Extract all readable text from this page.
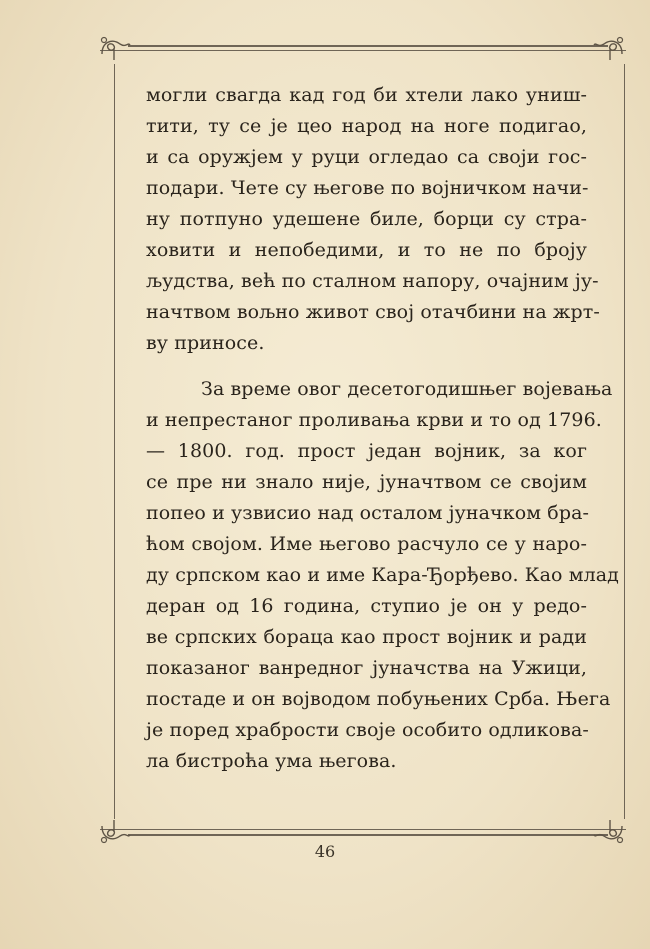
могли свагда кад год би хтели лако униш-
тити, ту се је цео народ на ноге подигао,
и са оружјем у руци огледао са своји гос-
подари. Чете су његове по војничком начи-
ну потпуно удешене биле, борци су стра-
ховити и непобедими, и то не по броју
људства, већ по сталном напору, очајним ју-
начтвом вољно живот свој отачбини на жрт-
ву приносе.
За време овог десетогодишњег војевања
и непрестаног проливања крви и то од 1796.
— 1800. год. прост један војник, за ког
се пре ни знало није, јуначтвом се својим
попео и узвисио над осталом јуначком бра-
ћом својом. Име његово расчуло се у наро-
ду српском као и име Кара-Ђорђево. Као млад
деран од 16 година, ступио је он у редо-
ве српских бораца као прост војник и ради
показаног ванредног јуначства на Ужици,
постаде и он војводом побуњених Срба. Њега
је поред храбрости своје особито одликова-
ла бистрoћа ума његова.
46
